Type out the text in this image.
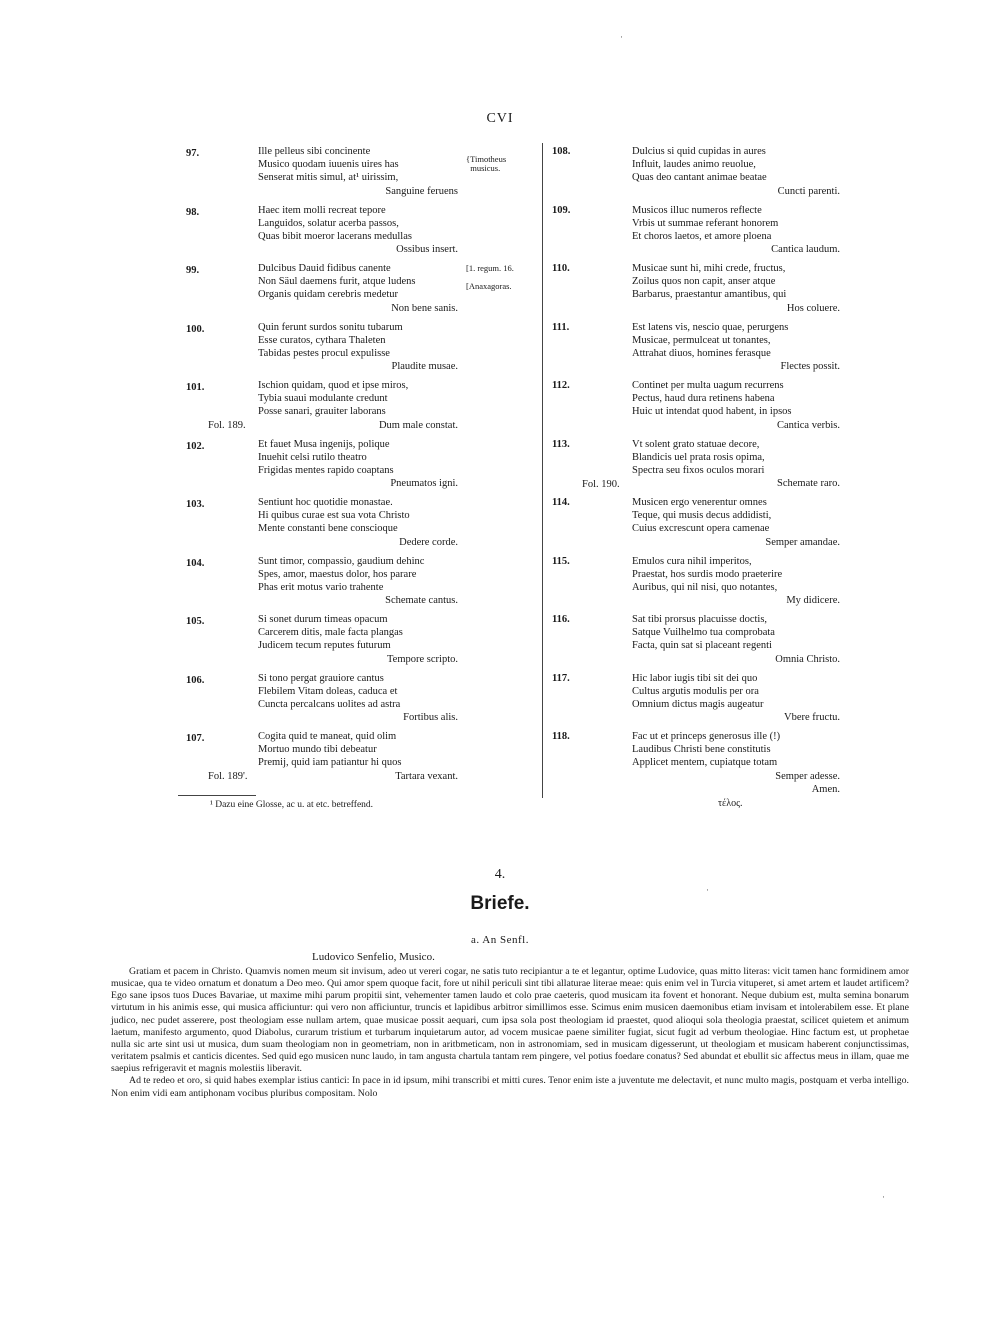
CVI
97.	Ille pelleus sibi concinente
Musico quodam iuuenis uires has
Senserat mitis simul, at¹ uirissim,
Sanguine feruens
{Timotheus
musicus.
98.	Haec item molli recreat tepore
Languidos, solatur acerba passos,
Quas bibit moeror lacerans medullas
Ossibus insert.
99.	Dulcibus Dauid fidibus canente
Non Säul daemens furit, atque ludens
Organis quidam cerebris medetur
Non bene sanis.
[1. regum. 16.

[Anaxagoras.
100.	Quin ferunt surdos sonitu tubarum
Esse curatos, cythara Thaleten
Tabidas pestes procul expulisse
Plaudite musae.
101.	Ischion quidam, quod et ipse miros,
Tybia suaui modulante credunt
Posse sanari, grauiter laborans
Dum male constat.
Fol. 189.
102.	Et fauet Musa ingenijs, polique
Inuehit celsi rutilo theatro
Frigidas mentes rapido coaptans
Pneumatos igni.
103.	Sentiunt hoc quotidie monastae.
Hi quibus curae est sua vota Christo
Mente constanti bene conscioque
Dedere corde.
104.	Sunt timor, compassio, gaudium dehinc
Spes, amor, maestus dolor, hos parare
Phas erit motus vario trahente
Schemate cantus.
105.	Si sonet durum timeas opacum
Carcerem ditis, male facta plangas
Judicem tecum reputes futurum
Tempore scripto.
106.	Si tono pergat grauiore cantus
Flebilem Vitam doleas, caduca et
Cuncta percalcans uolites ad astra
Fortibus alis.
107.	Cogita quid te maneat, quid olim
Mortuo mundo tibi debeatur
Premij, quid iam patiantur hi quos
Tartara vexant.
Fol. 189'.
108.	Dulcius si quid cupidas in aures
Influit, laudes animo reuolue,
Quas deo cantant animae beatae
Cuncti parenti.
109.	Musicos illuc numeros reflecte
Vrbis ut summae referant honorem
Et choros laetos, et amore ploena
Cantica laudum.
110.	Musicae sunt hi, mihi crede, fructus,
Zoilus quos non capit, anser atque
Barbarus, praestantur amantibus, qui
Hos coluere.
111.	Est latens vis, nescio quae, perurgens
Musicae, permulceat ut tonantes,
Attrahat diuos, homines ferasque
Flectes possit.
112.	Continet per multa uagum recurrens
Pectus, haud dura retinens habena
Huic ut intendat quod habent, in ipsos
Cantica verbis.
113.	Vt solent grato statuae decore,
Blandicis uel prata rosis opima,
Spectra seu fixos oculos morari
Schemate raro.
Fol. 190.
114.	Musicen ergo venerentur omnes
Teque, qui musis decus addidisti,
Cuius excrescunt opera camenae
Semper amandae.
115.	Emulos cura nihil imperitos,
Praestat, hos surdis modo praeterire
Auribus, qui nil nisi, quo notantes,
My didicere.
116.	Sat tibi prorsus placuisse doctis,
Satque Vuilhelmo tua comprobata
Facta, quin sat si placeant regenti
Omnia Christo.
117.	Hic labor iugis tibi sit dei quo
Cultus argutis modulis per ora
Omnium dictus magis augeatur
Vbere fructu.
118.	Fac ut et princeps generosus ille (!)
Laudibus Christi bene constitutis
Applicet mentem, cupiatque totam
Semper adesse.
Amen.
¹ Dazu eine Glosse, ac u. at etc. betreffend.	τέλος.
4.
Briefe.
a. An Senfl.
Ludovico Senfelio, Musico.

Gratiam et pacem in Christo. Quamvis nomen meum sit invisum, adeo ut vereri cogar, ne satis tuto recipiantur a te et legantur, optime Ludovice, quas mitto literas: vicit tamen hanc formidinem amor musicae, qua te video ornatum et donatum a Deo meo. Qui amor spem quoque facit, fore ut nihil periculi sint tibi allaturae literae meae: quis enim vel in Turcia vituperet, si amet artem et laudet artificem? Ego sane ipsos tuos Duces Bavariae, ut maxime mihi parum propitii sint, vehementer tamen laudo et colo prae caeteris, quod musicam ita fovent et honorant. Neque dubium est, multa semina bonarum virtutum in his animis esse, qui musica afficiuntur: qui vero non afficiuntur, truncis et lapidibus arbitror simillimos esse. Scimus enim musicen daemonibus etiam invisam et intolerabilem esse. Et plane judico, nec pudet asserere, post theologiam esse nullam artem, quae musicae possit aequari, cum ipsa sola post theologiam id praestet, quod alioqui sola theologia praestat, scilicet quietem et animum laetum, manifesto argumento, quod Diabolus, curarum tristium et turbarum inquietarum autor, ad vocem musicae paene similiter fugiat, sicut fugit ad verbum theologiae. Hinc factum est, ut prophetae nulla sic arte sint usi ut musica, dum suam theologiam non in geometriam, non in aritbmeticam, non in astronomiam, sed in musicam digesserunt, ut theologiam et musicam haberent conjunctissimas, veritatem psalmis et canticis dicentes. Sed quid ego musicen nunc laudo, in tam angusta chartula tantam rem pingere, vel potius foedare conatus? Sed abundat et ebullit sic affectus meus in illam, quae me saepius refrigeravit et magnis molestiis liberavit.

Ad te redeo et oro, si quid habes exemplar istius cantici: In pace in id ipsum, mihi transcribi et mitti cures. Tenor enim iste a juventute me delectavit, et nunc multo magis, postquam et verba intelligo. Non enim vidi eam antiphonam vocibus pluribus compositam. Nolo

·
·
·
